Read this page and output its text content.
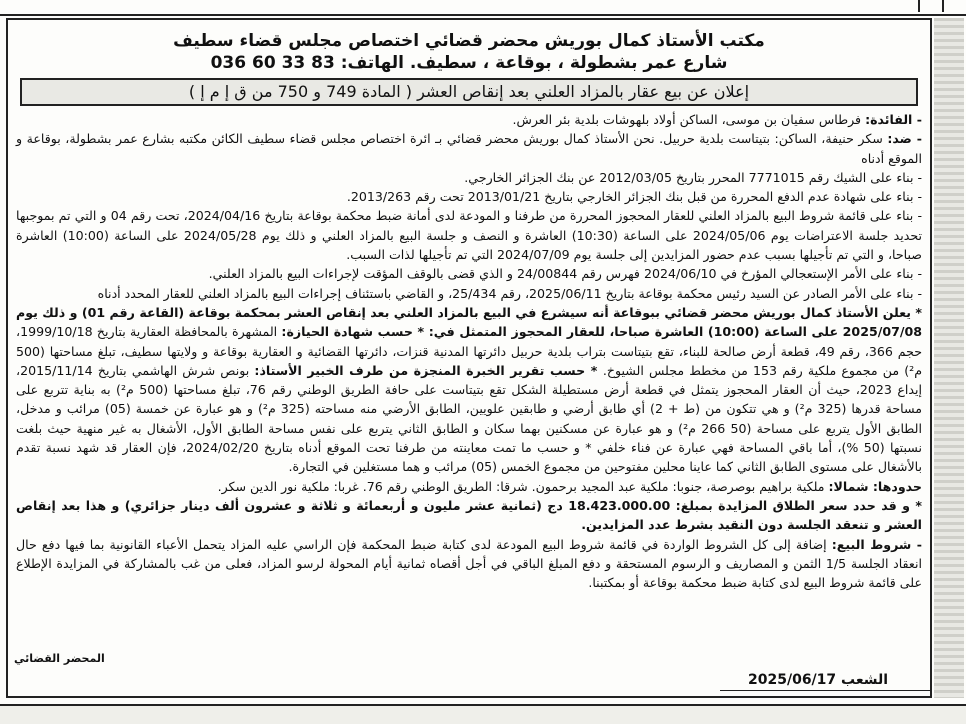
مكتب الأستاذ كمال بوريش محضر قضائي اختصاص مجلس قضاء سطيف
شارع عمر بشطولة ، بوقاعة ، سطيف. الهاتف: 83 33 60 036
إعلان عن بيع عقار بالمزاد العلني بعد إنقاص العشر ( المادة 749 و 750 من ق إ م إ )

- الفائدة: فرطاس سفيان بن موسى، الساكن أولاد بلهوشات بلدية بئر العرش.

- ضد: سكر حنيفة، الساكن: بتيتاست بلدية حربيل. نحن الأستاذ كمال بوريش محضر قضائي بـ ائرة اختصاص مجلس قضاء سطيف الكائن مكتبه بشارع عمر بشطولة، بوقاعة و الموقع أدناه

- بناء على الشيك رقم 7771015 المحرر بتاريخ 2012/03/05 عن بنك الجزائر الخارجي.

- بناء على شهادة عدم الدفع المحررة من قبل بنك الجزائر الخارجي بتاريخ 2013/01/21 تحت رقم 2013/263.

- بناء على قائمة شروط البيع بالمزاد العلني للعقار المحجوز المحررة من طرفنا و المودعة لدى أمانة ضبط محكمة بوقاعة بتاريخ 2024/04/16، تحت رقم 04 و التي تم بموجبها تحديد جلسة الاعتراضات يوم 2024/05/06 على الساعة (10:30) العاشرة و النصف و جلسة البيع بالمزاد العلني و ذلك يوم 2024/05/28 على الساعة (10:00) العاشرة صباحا، و التي تم تأجيلها بسبب عدم حضور المزايدين إلى جلسة يوم 2024/07/09 التي تم تأجيلها لذات السبب.

- بناء على الأمر الإستعجالي المؤرخ في 2024/06/10 فهرس رقم 24/00844 و الذي قضى بالوقف المؤقت لإجراءات البيع بالمزاد العلني.

- بناء على الأمر الصادر عن السيد رئيس محكمة بوقاعة بتاريخ 2025/06/11، رقم 25/434، و القاضي باستئناف إجراءات البيع بالمزاد العلني للعقار المحدد أدناه

* يعلن الأستاذ كمال بوريش محضر قضائي ببوقاعة أنه سيشرع في البيع بالمزاد العلني بعد إنقاص العشر بمحكمة بوقاعة (القاعة رقم 01) و ذلك يوم 2025/07/08 على الساعة (10:00) العاشرة صباحا، للعقار المحجوز المتمثل في: * حسب شهادة الحيازة: المشهرة بالمحافظة العقارية بتاريخ 1999/10/18، حجم 366، رقم 49، قطعة أرض صالحة للبناء، تقع بتيتاست بتراب بلدية حربيل دائرتها المدنية قنزات، دائرتها القضائية و العقارية بوقاعة و ولايتها سطيف، تبلغ مساحتها (500 م²) من مجموع ملكية رقم 153 من مخطط مجلس الشيوخ. * حسب تقرير الخبرة المنجزة من طرف الخبير الأستاذ: بونص شرش الهاشمي بتاريخ 2015/11/14، إيداع 2023، حيث أن العقار المحجوز يتمثل في قطعة أرض مستطيلة الشكل تقع بتيتاست على حافة الطريق الوطني رقم 76، تبلغ مساحتها (500 م²) به بناية تتربع على مساحة قدرها (325 م²) و هي تتكون من (ط + 2) أي طابق أرضي و طابقين علويين، الطابق الأرضي منه مساحته (325 م²) و هو عبارة عن خمسة (05) مرائب و مدخل، الطابق الأول يتربع على مساحة (50 266 م²) و هو عبارة عن مسكنين بهما سكان و الطابق الثاني يتربع على نفس مساحة الطابق الأول، الأشغال به غير منهية حيث بلغت نسبتها (50 %)، أما باقي المساحة فهي عبارة عن فناء خلفي * و حسب ما تمت معاينته من طرفنا تحت الموقع أدناه بتاريخ 2024/02/20، فإن العقار قد شهد نسبة تقدم بالأشغال على مستوى الطابق الثاني كما عاينا محلين مفتوحين من مجموع الخمس (05) مرائب و هما مستغلين في التجارة.

حدودها: شمالا: ملكية براهيم بوصرصة، جنوبا: ملكية عبد المجيد برحمون. شرقا: الطريق الوطني رقم 76. غربا: ملكية نور الدين سكر.

* و قد حدد سعر الطلاق المزايدة بمبلغ: 18.423.000.00 دج (ثمانية عشر مليون و أربعمائة و ثلاثة و عشرون ألف دينار جزائري) و هذا بعد إنقاص العشر و تنعقد الجلسة دون النقيد بشرط عدد المزايدين.

- شروط البيع: إضافة إلى كل الشروط الواردة في قائمة شروط البيع المودعة لدى كتابة ضبط المحكمة فإن الراسي عليه المزاد يتحمل الأعباء القانونية بما فيها دفع حال انعقاد الجلسة 1/5 الثمن و المصاريف و الرسوم المستحقة و دفع المبلغ الباقي في أجل أقصاه ثمانية أيام المحولة لرسو المزاد، فعلى من غب بالمشاركة في المزايدة الإطلاع على قائمة شروط البيع لدى كتابة ضبط محكمة بوقاعة أو بمكتبنا.

المحضر القضائي
الشعب 2025/06/17
